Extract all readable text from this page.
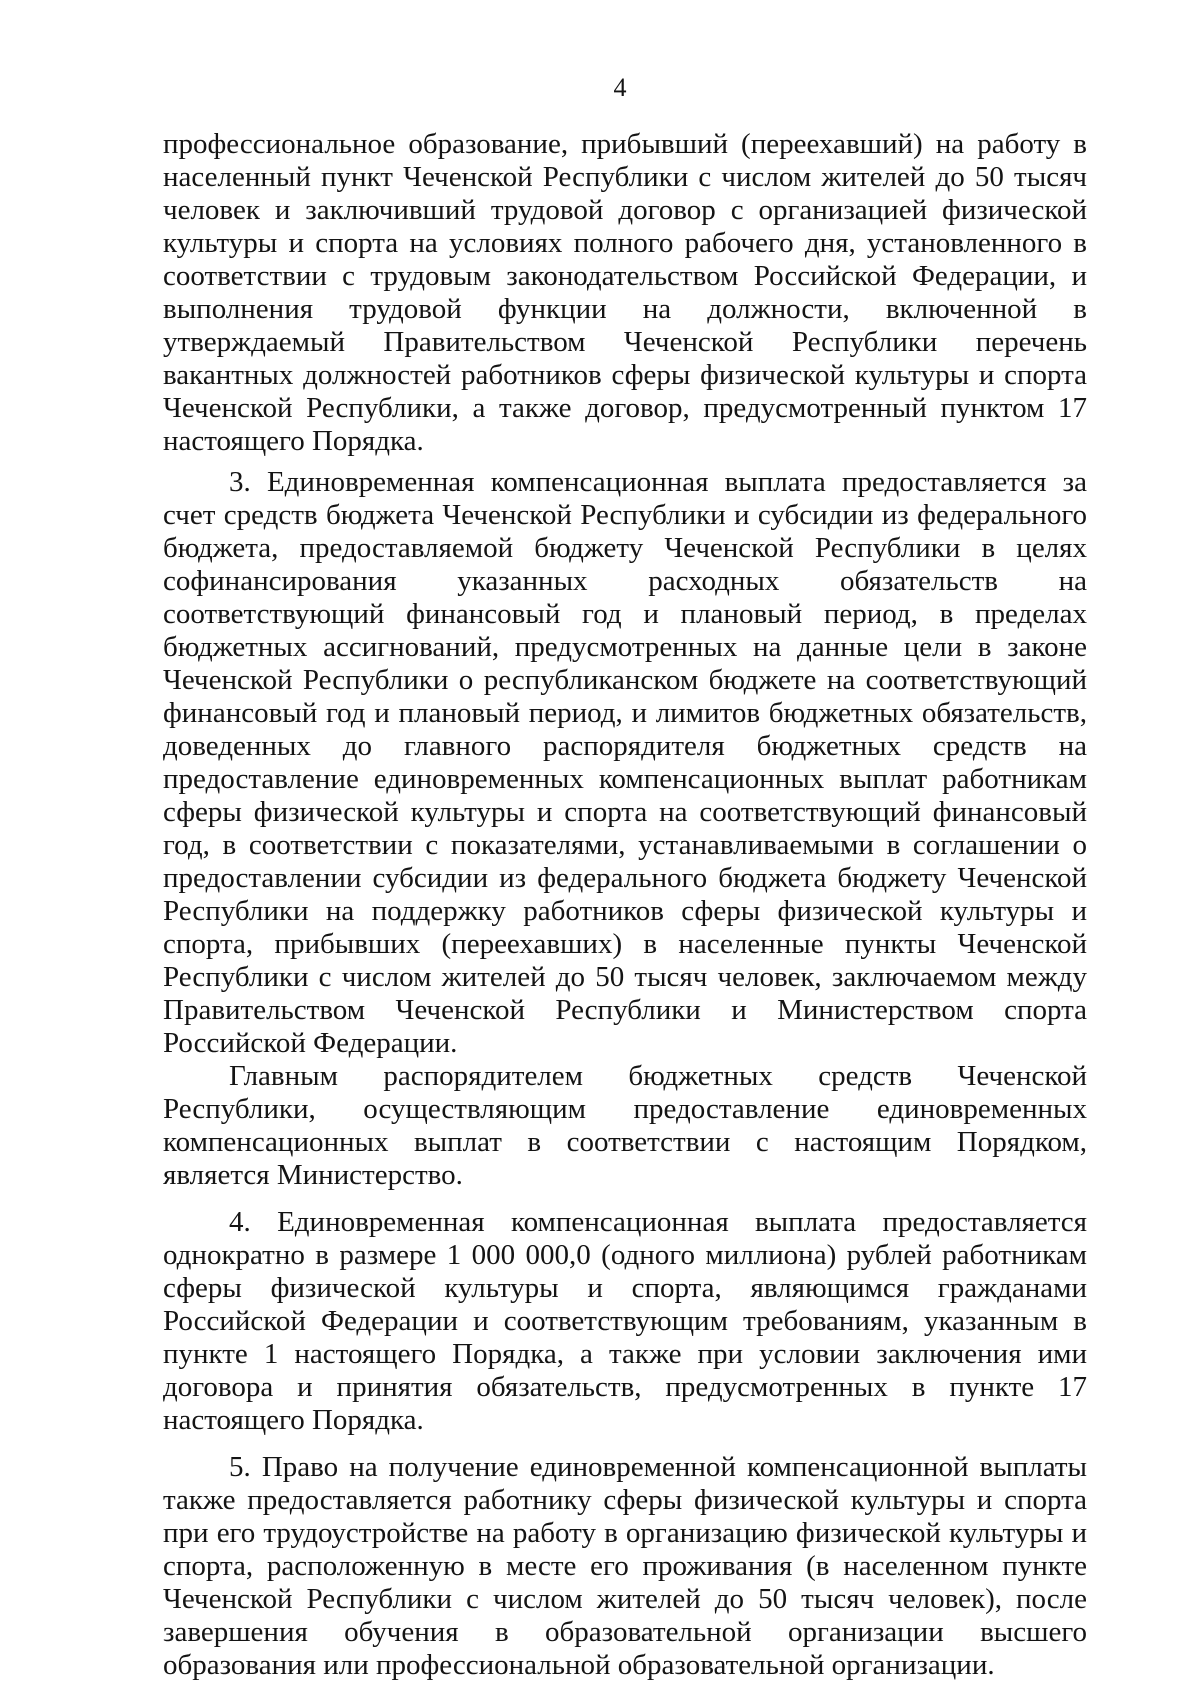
4

профессиональное образование, прибывший (переехавший) на работу в населенный пункт Чеченской Республики с числом жителей до 50 тысяч человек и заключивший трудовой договор с организацией физической культуры и спорта на условиях полного рабочего дня, установленного в соответствии с трудовым законодательством Российской Федерации, и выполнения трудовой функции на должности, включенной в утверждаемый Правительством Чеченской Республики перечень вакантных должностей работников сферы физической культуры и спорта Чеченской Республики, а также договор, предусмотренный пунктом 17 настоящего Порядка.

3. Единовременная компенсационная выплата предоставляется за счет средств бюджета Чеченской Республики и субсидии из федерального бюджета, предоставляемой бюджету Чеченской Республики в целях софинансирования указанных расходных обязательств на соответствующий финансовый год и плановый период, в пределах бюджетных ассигнований, предусмотренных на данные цели в законе Чеченской Республики о республиканском бюджете на соответствующий финансовый год и плановый период, и лимитов бюджетных обязательств, доведенных до главного распорядителя бюджетных средств на предоставление единовременных компенсационных выплат работникам сферы физической культуры и спорта на соответствующий финансовый год, в соответствии с показателями, устанавливаемыми в соглашении о предоставлении субсидии из федерального бюджета бюджету Чеченской Республики на поддержку работников сферы физической культуры и спорта, прибывших (переехавших) в населенные пункты Чеченской Республики с числом жителей до 50 тысяч человек, заключаемом между Правительством Чеченской Республики и Министерством спорта Российской Федерации.

Главным распорядителем бюджетных средств Чеченской Республики, осуществляющим предоставление единовременных компенсационных выплат в соответствии с настоящим Порядком, является Министерство.

4. Единовременная компенсационная выплата предоставляется однократно в размере 1 000 000,0 (одного миллиона) рублей работникам сферы физической культуры и спорта, являющимся гражданами Российской Федерации и соответствующим требованиям, указанным в пункте 1 настоящего Порядка, а также при условии заключения ими договора и принятия обязательств, предусмотренных в пункте 17 настоящего Порядка.

5. Право на получение единовременной компенсационной выплаты также предоставляется работнику сферы физической культуры и спорта при его трудоустройстве на работу в организацию физической культуры и спорта, расположенную в месте его проживания (в населенном пункте Чеченской Республики с числом жителей до 50 тысяч человек), после завершения обучения в образовательной организации высшего образования или профессиональной образовательной организации.
